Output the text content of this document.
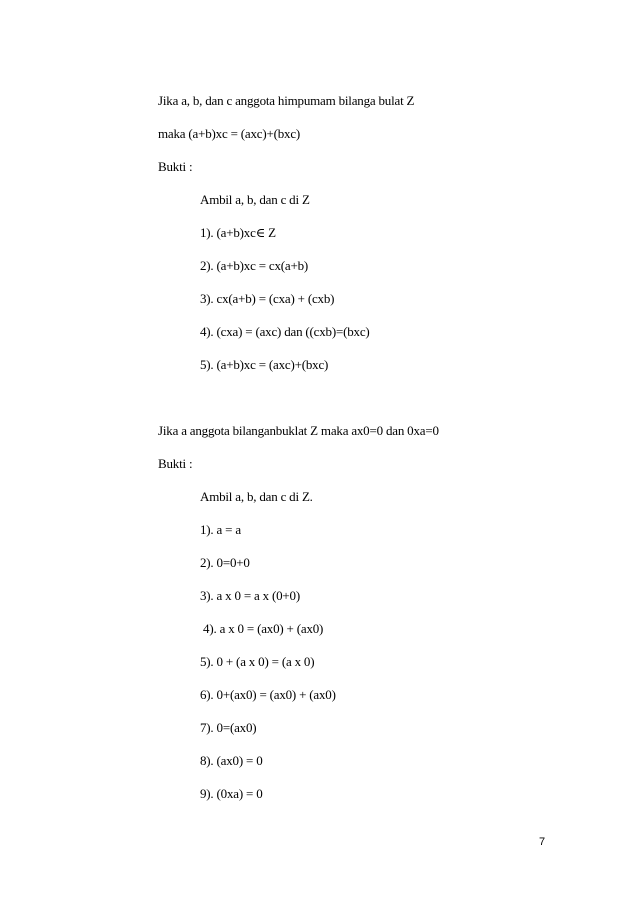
Jika a, b, dan c anggota himpumam bilanga bulat Z
maka (a+b)xc = (axc)+(bxc)
Bukti :
Ambil a, b, dan c di Z
1). (a+b)xc∈ Z
2). (a+b)xc = cx(a+b)
3). cx(a+b) = (cxa) + (cxb)
4). (cxa) = (axc) dan ((cxb)=(bxc)
5). (a+b)xc = (axc)+(bxc)
Jika a anggota bilanganbuklat Z maka ax0=0 dan 0xa=0
Bukti :
Ambil a, b, dan c di Z.
1). a = a
2). 0=0+0
3). a x 0 = a x (0+0)
4). a x 0 = (ax0) + (ax0)
5). 0 + (a x 0) = (a x 0)
6). 0+(ax0) = (ax0) + (ax0)
7). 0=(ax0)
8). (ax0) = 0
9). (0xa) = 0
7
